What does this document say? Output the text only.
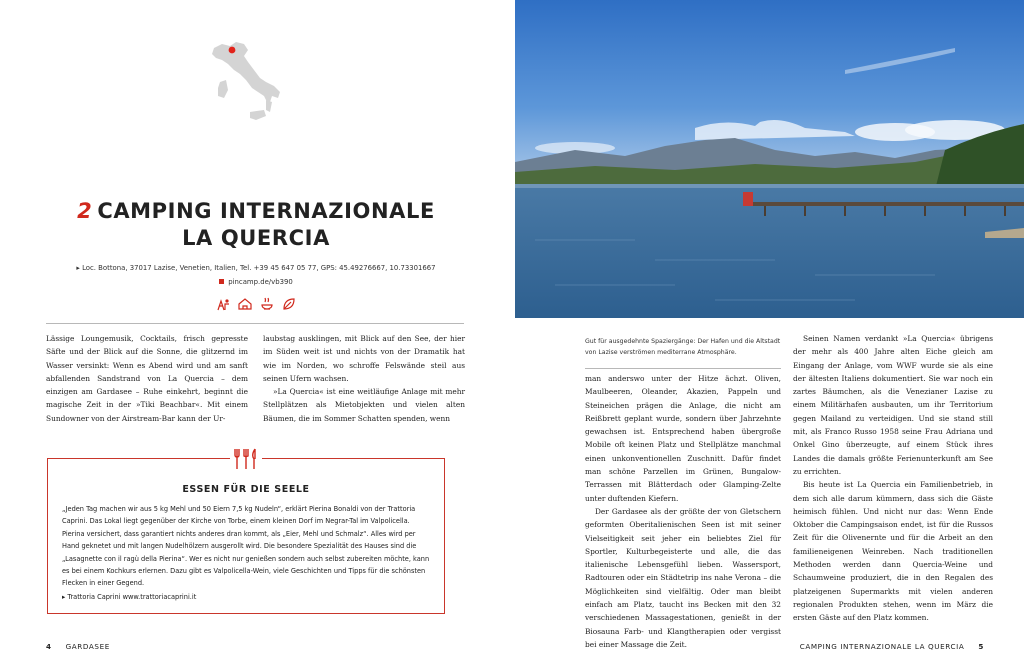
2 CAMPING INTERNAZIONALE
LA QUERCIA
▸ Loc. Bottona, 37017 Lazise, Venetien, Italien, Tel. +39 45 647 05 77, GPS: 45.49276667, 10.73301667
pincamp.de/vb390

Lässige Loungemusik, Cocktails, frisch gepresste Säfte und der Blick auf die Sonne, die glitzernd im Wasser versinkt: Wenn es Abend wird und am sanft abfallenden Sandstrand von La Quercia – dem einzigen am Gardasee – Ruhe einkehrt, beginnt die magische Zeit in der »Tiki Beachbar«. Mit einem Sundowner von der Airstream-Bar kann der Ur-

laubstag ausklingen, mit Blick auf den See, der hier im Süden weit ist und nichts von der Dramatik hat wie im Norden, wo schroffe Felswände steil aus seinen Ufern wachsen.

»La Quercia« ist eine weitläufige Anlage mit mehr Stellplätzen als Mietobjekten und vielen alten Bäumen, die im Sommer Schatten spenden, wenn

ESSEN FÜR DIE SEELE
„Jeden Tag machen wir aus 5 kg Mehl und 50 Eiern 7,5 kg Nudeln“, erklärt Pierina Bonaldi von der Trattoria Caprini. Das Lokal liegt gegenüber der Kirche von Torbe, einem kleinen Dorf im Negrar-Tal im Valpolicella. Pierina versichert, dass garantiert nichts anderes dran kommt, als „Eier, Mehl und Schmalz“. Alles wird per Hand geknetet und mit langen Nudelhölzern ausgerollt wird. Die besondere Spezialität des Hauses sind die „Lasagnette con il ragù della Pierina“. Wer es nicht nur genießen sondern auch selbst zubereiten möchte, kann es bei einem Kochkurs erlernen. Dazu gibt es Valpolicella-Wein, viele Geschichten und Tipps für die schönsten Flecken in einer Gegend.
▸ Trattoria Caprini www.trattoriacaprini.it
4 GARDASEE
Gut für ausgedehnte Spaziergänge: Der Hafen und die Altstadt von Lazise verströmen mediterrane Atmosphäre.

man anderswo unter der Hitze ächzt. Oliven, Maulbeeren, Oleander, Akazien, Pappeln und Steineichen prägen die Anlage, die nicht am Reißbrett geplant wurde, sondern über Jahrzehnte gewachsen ist. Entsprechend haben übergroße Mobile oft keinen Platz und Stellplätze manchmal einen unkonventionellen Zuschnitt. Dafür findet man schöne Parzellen im Grünen, Bungalow-Terrassen mit Blätterdach oder Glamping-Zelte unter duftenden Kiefern.

Der Gardasee als der größte der von Gletschern geformten Oberitalienischen Seen ist mit seiner Vielseitigkeit seit jeher ein beliebtes Ziel für Sportler, Kulturbegeisterte und alle, die das italienische Lebensgefühl lieben. Wassersport, Radtouren oder ein Städtetrip ins nahe Verona – die Möglichkeiten sind vielfältig. Oder man bleibt einfach am Platz, taucht ins Becken mit den 32 verschiedenen Massagestationen, genießt in der Biosauna Farb- und Klangtherapien oder vergisst bei einer Massage die Zeit.

Seinen Namen verdankt »La Quercia« übrigens der mehr als 400 Jahre alten Eiche gleich am Eingang der Anlage, vom WWF wurde sie als eine der ältesten Italiens dokumentiert. Sie war noch ein zartes Bäumchen, als die Venezianer Lazise zu einem Militärhafen ausbauten, um ihr Territorium gegen Mailand zu verteidigen. Und sie stand still mit, als Franco Russo 1958 seine Frau Adriana und Onkel Gino überzeugte, auf einem Stück ihres Landes die damals größte Ferienunterkunft am See zu errichten.

Bis heute ist La Quercia ein Familienbetrieb, in dem sich alle darum kümmern, dass sich die Gäste heimisch fühlen. Und nicht nur das: Wenn Ende Oktober die Campingsaison endet, ist für die Russos Zeit für die Olivenernte und für die Arbeit an den familieneigenen Weinreben. Nach traditionellen Methoden werden dann Quercia-Weine und Schaumweine produziert, die in den Regalen des platzeigenen Supermarkts mit vielen anderen regionalen Produkten stehen, wenn im März die ersten Gäste auf den Platz kommen.

CAMPING INTERNAZIONALE LA QUERCIA 5
